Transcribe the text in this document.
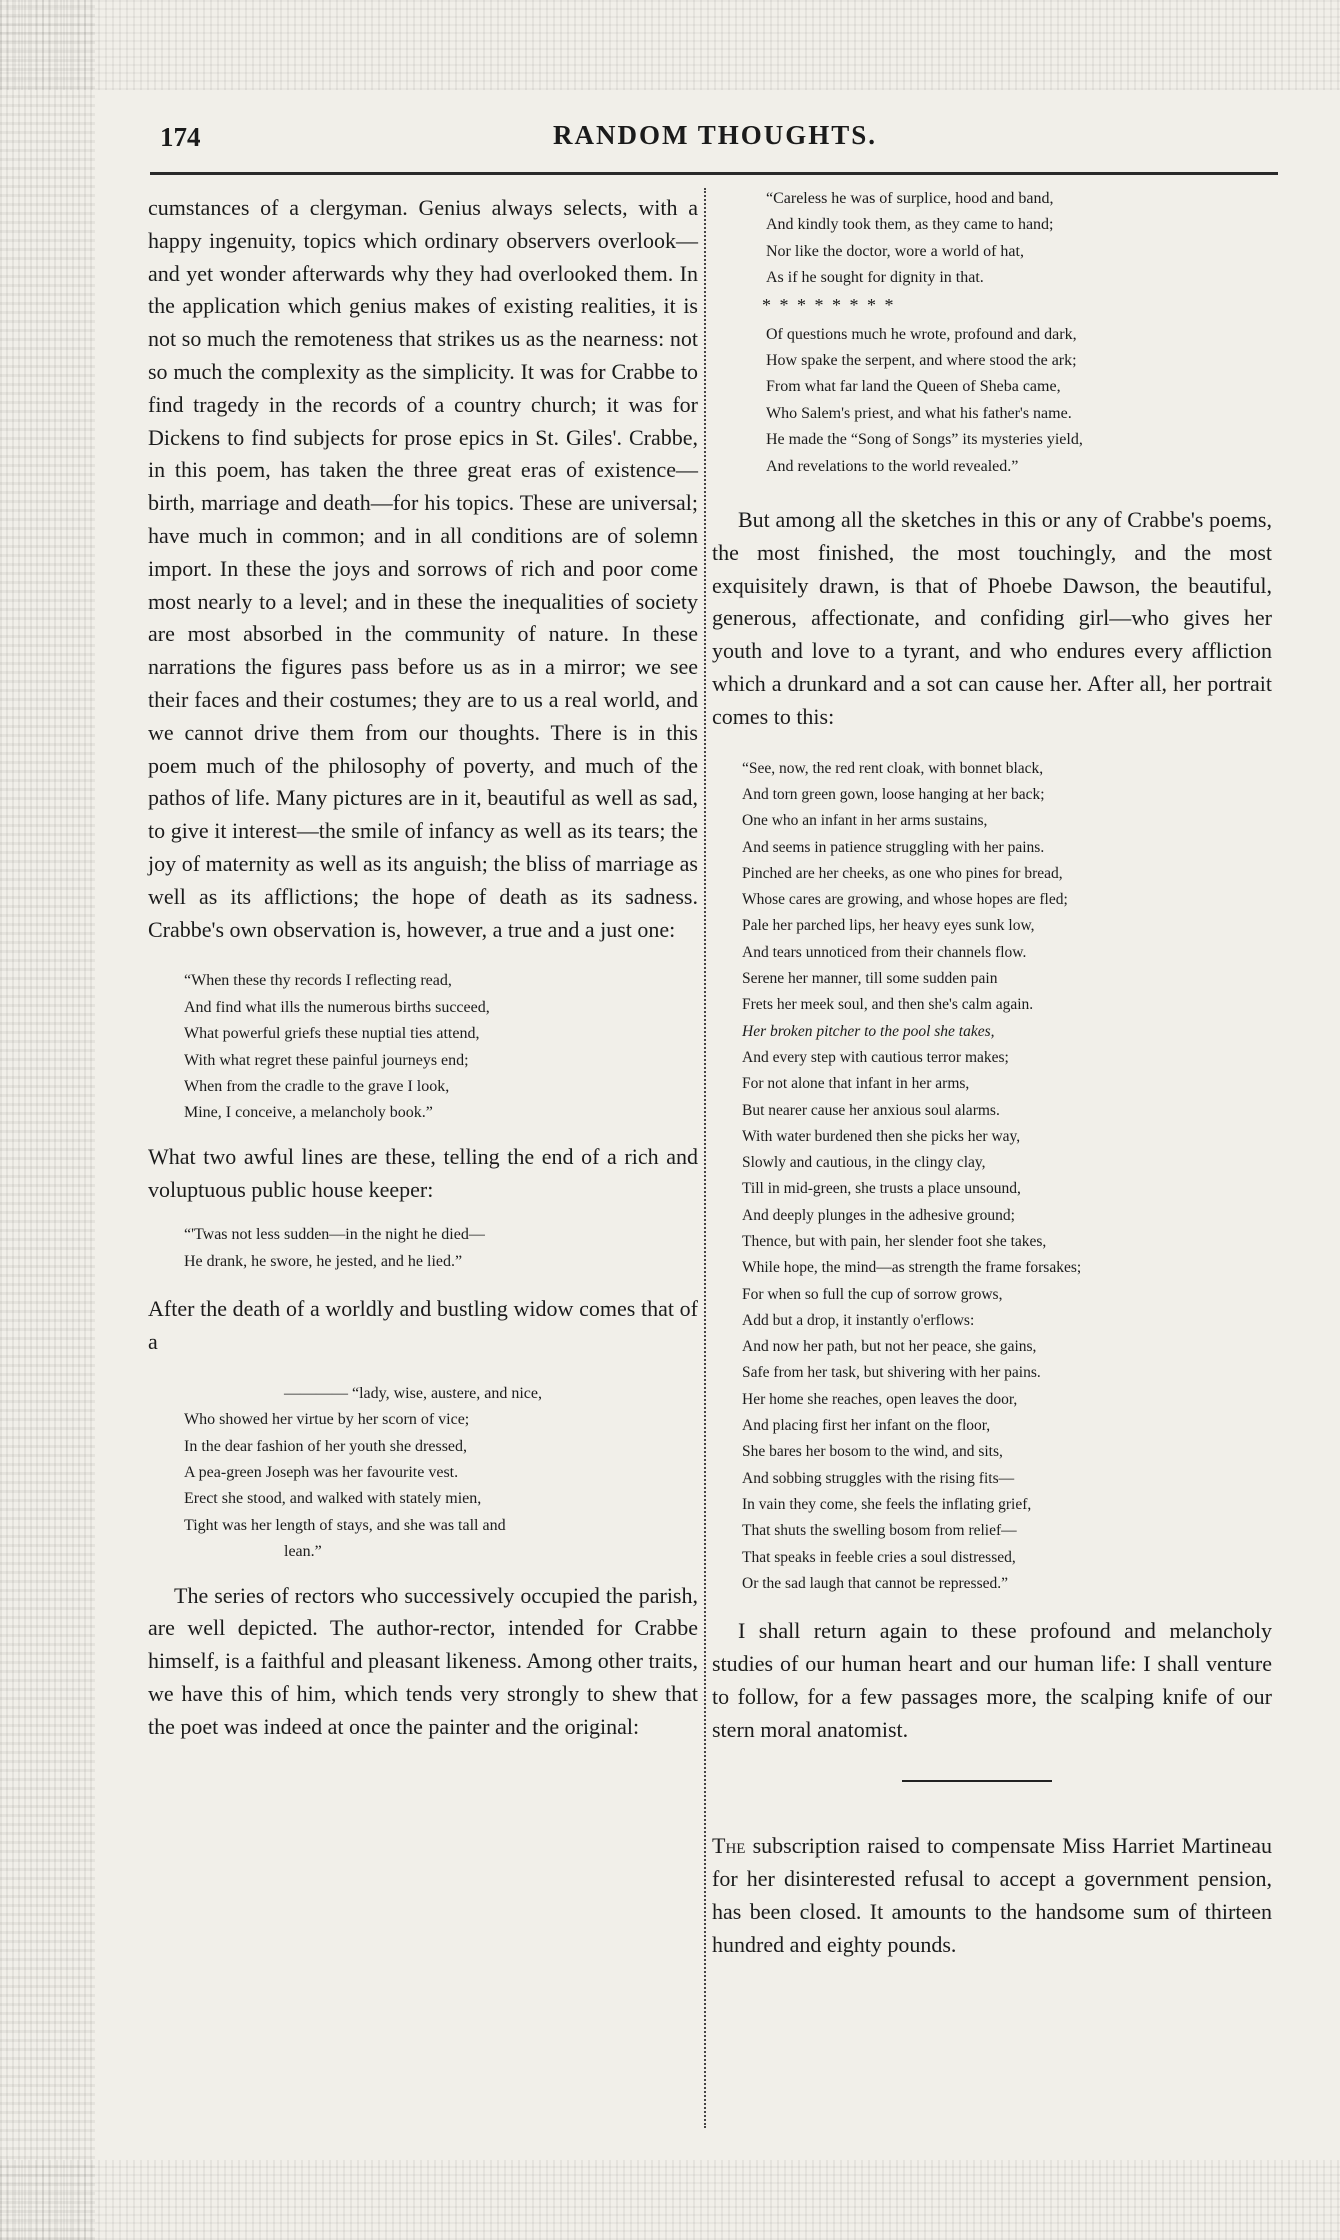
174	RANDOM THOUGHTS.

cumstances of a clergyman. Genius always selects, with a happy ingenuity, topics which ordinary observers overlook—and yet wonder afterwards why they had overlooked them. In the application which genius makes of existing realities, it is not so much the remoteness that strikes us as the nearness: not so much the complexity as the simplicity. It was for Crabbe to find tragedy in the records of a country church; it was for Dickens to find subjects for prose epics in St. Giles'. Crabbe, in this poem, has taken the three great eras of existence—birth, marriage and death—for his topics. These are universal; have much in common; and in all conditions are of solemn import. In these the joys and sorrows of rich and poor come most nearly to a level; and in these the inequalities of society are most absorbed in the community of nature. In these narrations the figures pass before us as in a mirror; we see their faces and their costumes; they are to us a real world, and we cannot drive them from our thoughts. There is in this poem much of the philosophy of poverty, and much of the pathos of life. Many pictures are in it, beautiful as well as sad, to give it interest—the smile of infancy as well as its tears; the joy of maternity as well as its anguish; the bliss of marriage as well as its afflictions; the hope of death as its sadness. Crabbe's own observation is, however, a true and a just one:

“When these thy records I reflecting read,
And find what ills the numerous births succeed,
What powerful griefs these nuptial ties attend,
With what regret these painful journeys end;
When from the cradle to the grave I look,
Mine, I conceive, a melancholy book.”

What two awful lines are these, telling the end of a rich and voluptuous public house keeper:

“'Twas not less sudden—in the night he died—
He drank, he swore, he jested, and he lied.”

After the death of a worldly and bustling widow comes that of a

———— “lady, wise, austere, and nice,
Who showed her virtue by her scorn of vice;
In the dear fashion of her youth she dressed,
A pea-green Joseph was her favourite vest.
Erect she stood, and walked with stately mien,
Tight was her length of stays, and she was tall and
lean.”

The series of rectors who successively occupied the parish, are well depicted. The author-rector, intended for Crabbe himself, is a faithful and pleasant likeness. Among other traits, we have this of him, which tends very strongly to shew that the poet was indeed at once the painter and the original:

“Careless he was of surplice, hood and band,
And kindly took them, as they came to hand;
Nor like the doctor, wore a world of hat,
As if he sought for dignity in that.
* * * * * * * *
Of questions much he wrote, profound and dark,
How spake the serpent, and where stood the ark;
From what far land the Queen of Sheba came,
Who Salem's priest, and what his father's name.
He made the “Song of Songs” its mysteries yield,
And revelations to the world revealed.”

But among all the sketches in this or any of Crabbe's poems, the most finished, the most touchingly, and the most exquisitely drawn, is that of Phoebe Dawson, the beautiful, generous, affectionate, and confiding girl—who gives her youth and love to a tyrant, and who endures every affliction which a drunkard and a sot can cause her. After all, her portrait comes to this:

“See, now, the red rent cloak, with bonnet black,
And torn green gown, loose hanging at her back;
One who an infant in her arms sustains,
And seems in patience struggling with her pains.
Pinched are her cheeks, as one who pines for bread,
Whose cares are growing, and whose hopes are fled;
Pale her parched lips, her heavy eyes sunk low,
And tears unnoticed from their channels flow.
Serene her manner, till some sudden pain
Frets her meek soul, and then she's calm again.
Her broken pitcher to the pool she takes,
And every step with cautious terror makes;
For not alone that infant in her arms,
But nearer cause her anxious soul alarms.
With water burdened then she picks her way,
Slowly and cautious, in the clingy clay,
Till in mid-green, she trusts a place unsound,
And deeply plunges in the adhesive ground;
Thence, but with pain, her slender foot she takes,
While hope, the mind—as strength the frame forsakes;
For when so full the cup of sorrow grows,
Add but a drop, it instantly o'erflows:
And now her path, but not her peace, she gains,
Safe from her task, but shivering with her pains.
Her home she reaches, open leaves the door,
And placing first her infant on the floor,
She bares her bosom to the wind, and sits,
And sobbing struggles with the rising fits—
In vain they come, she feels the inflating grief,
That shuts the swelling bosom from relief—
That speaks in feeble cries a soul distressed,
Or the sad laugh that cannot be repressed.”

I shall return again to these profound and melancholy studies of our human heart and our human life: I shall venture to follow, for a few passages more, the scalping knife of our stern moral anatomist.

The subscription raised to compensate Miss Harriet Martineau for her disinterested refusal to accept a government pension, has been closed. It amounts to the handsome sum of thirteen hundred and eighty pounds.
